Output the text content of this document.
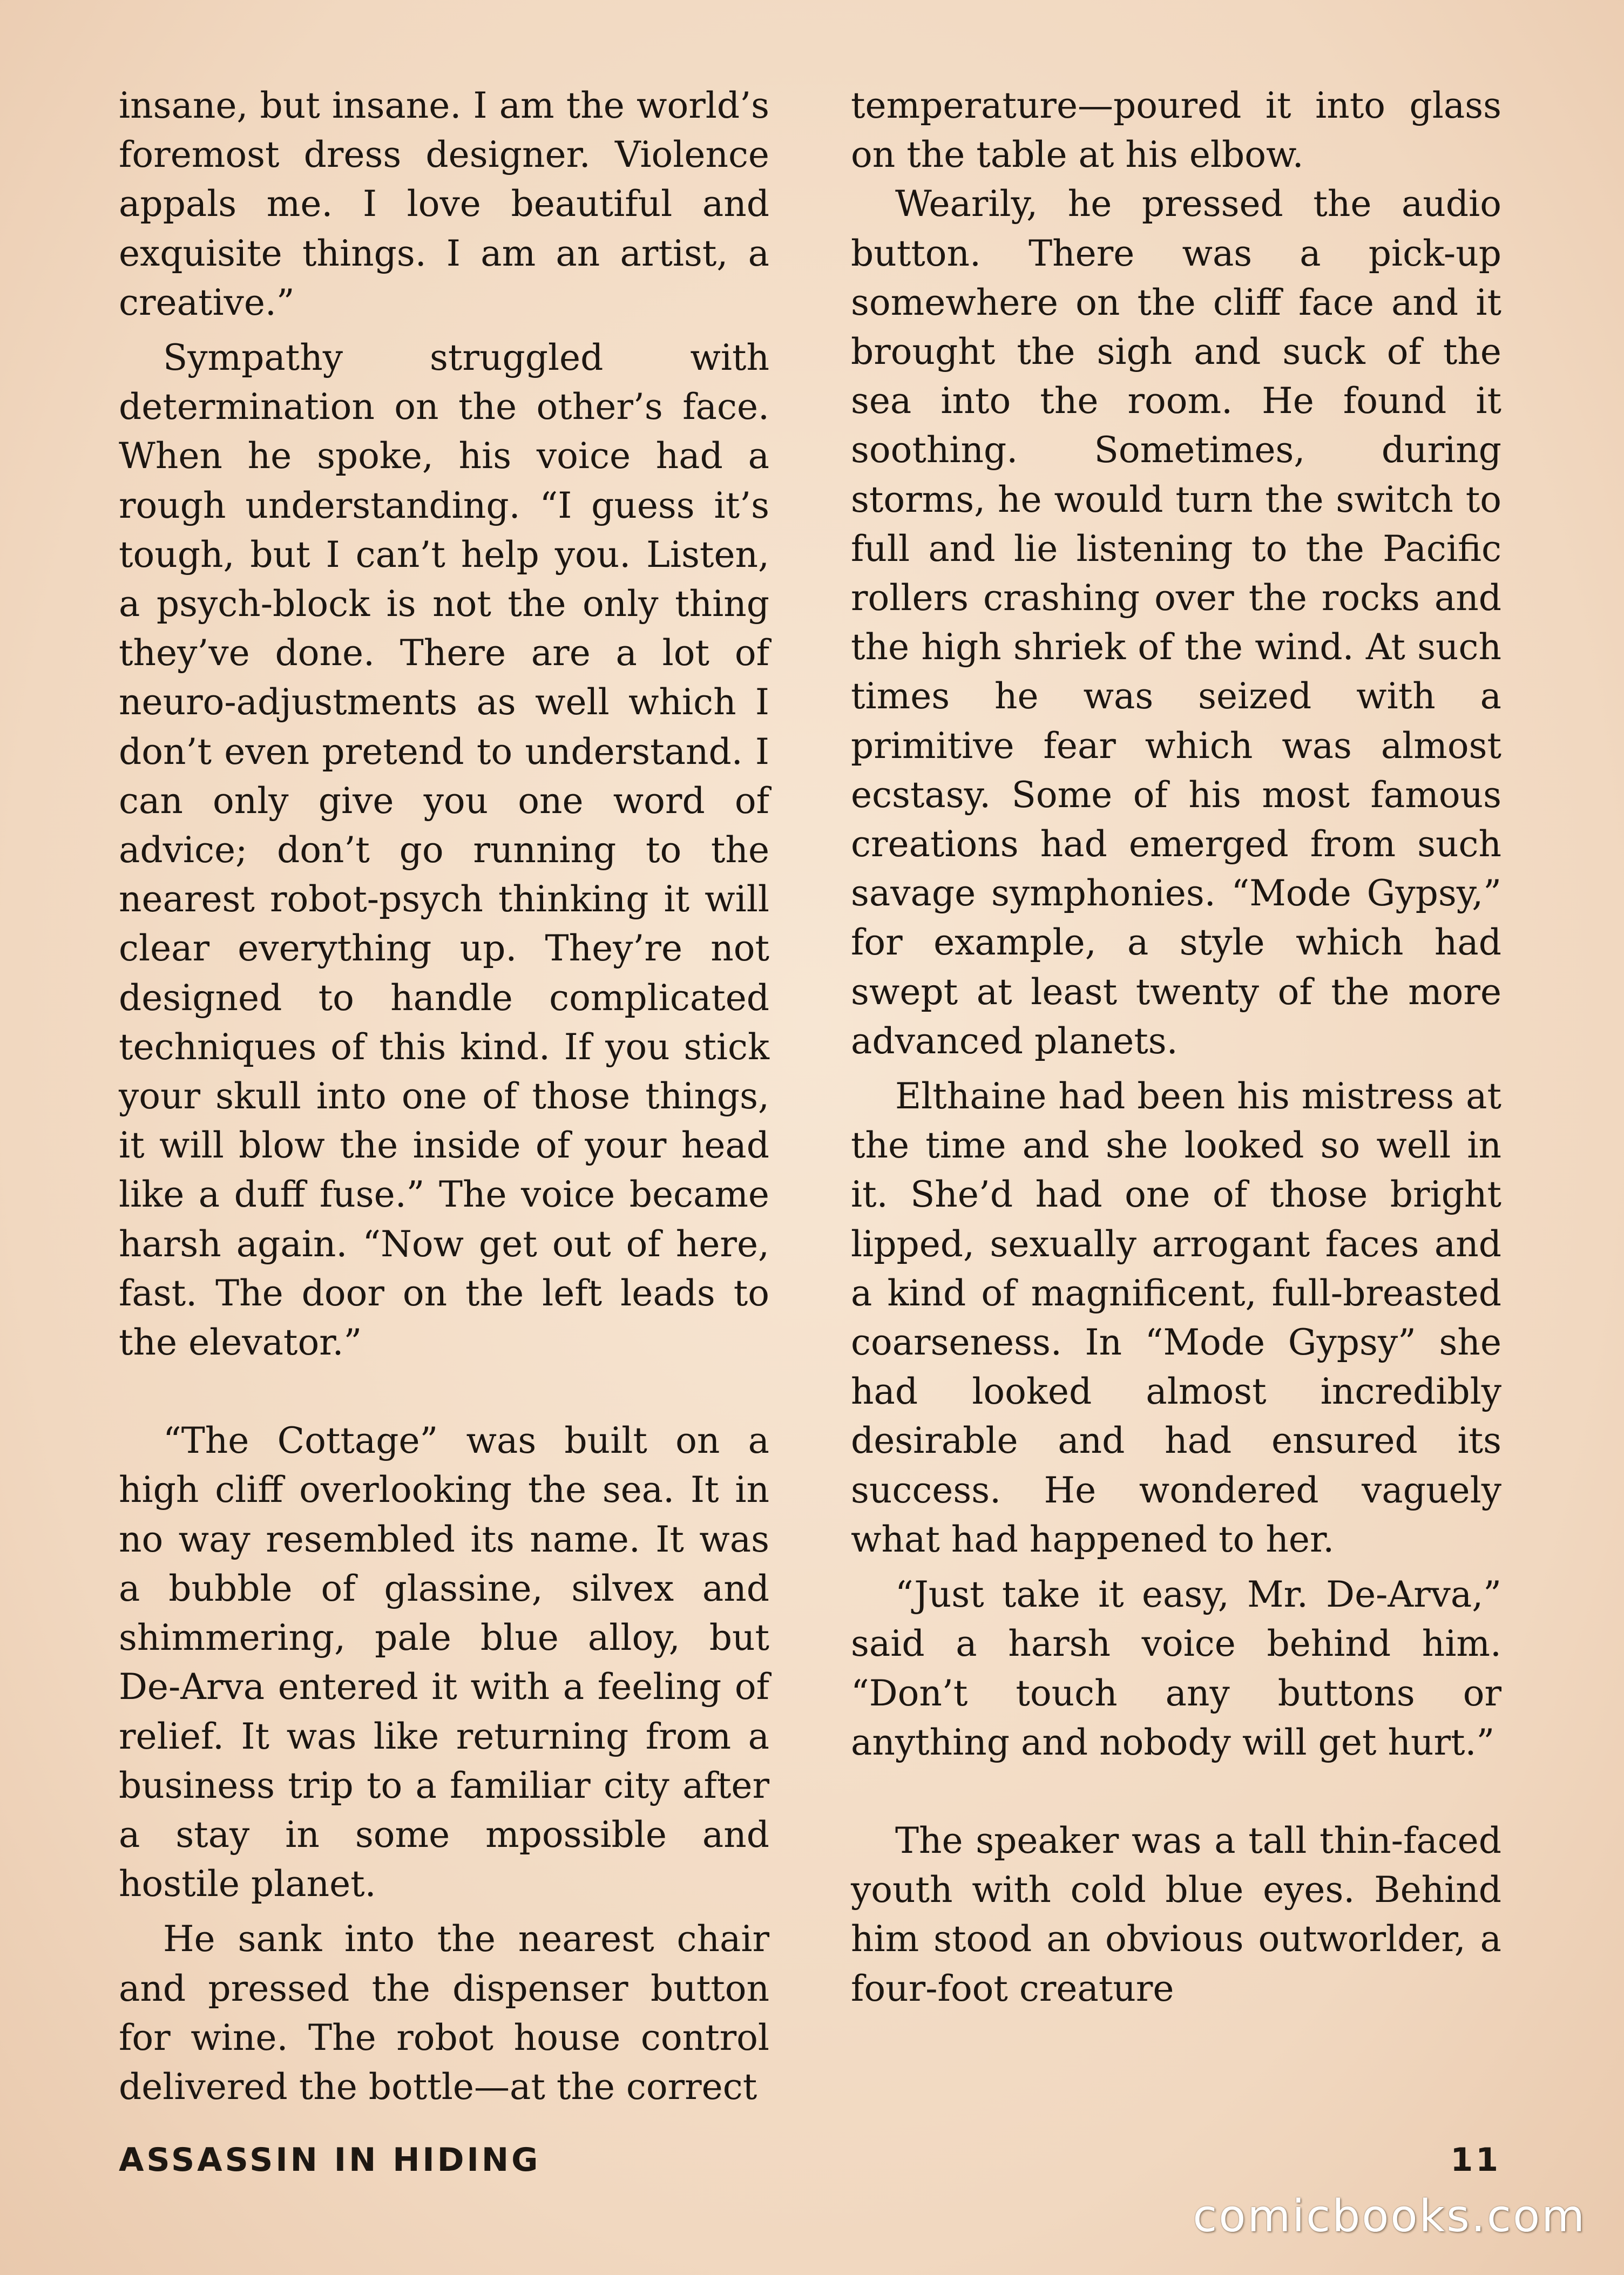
insane, but insane. I am the world’s foremost dress designer. Violence appals me. I love beautiful and exquisite things. I am an artist, a creative.”

Sympathy struggled with determination on the other’s face. When he spoke, his voice had a rough understanding. “I guess it’s tough, but I can’t help you. Listen, a psych-block is not the only thing they’ve done. There are a lot of neuro-adjustments as well which I don’t even pretend to understand. I can only give you one word of advice; don’t go running to the nearest robot-psych thinking it will clear everything up. They’re not designed to handle complicated techniques of this kind. If you stick your skull into one of those things, it will blow the inside of your head like a duff fuse.” The voice became harsh again. “Now get out of here, fast. The door on the left leads to the elevator.”

“The Cottage” was built on a high cliff overlooking the sea. It in no way resembled its name. It was a bubble of glassine, silvex and shimmering, pale blue alloy, but De-Arva entered it with a feeling of relief. It was like returning from a business trip to a familiar city after a stay in some mpossible and hostile planet.

He sank into the nearest chair and pressed the dispenser button for wine. The robot house control delivered the bottle—at the correct

temperature—poured it into glass on the table at his elbow.

Wearily, he pressed the audio button. There was a pick-up somewhere on the cliff face and it brought the sigh and suck of the sea into the room. He found it soothing. Sometimes, during storms, he would turn the switch to full and lie listening to the Pacific rollers crashing over the rocks and the high shriek of the wind. At such times he was seized with a primitive fear which was almost ecstasy. Some of his most famous creations had emerged from such savage symphonies. “Mode Gypsy,” for example, a style which had swept at least twenty of the more advanced planets.

Elthaine had been his mistress at the time and she looked so well in it. She’d had one of those bright lipped, sexually arrogant faces and a kind of magnificent, full-breasted coarseness. In “Mode Gypsy” she had looked almost incredibly desirable and had ensured its success. He wondered vaguely what had happened to her.

“Just take it easy, Mr. De-Arva,” said a harsh voice behind him. “Don’t touch any buttons or anything and nobody will get hurt.”

The speaker was a tall thin-faced youth with cold blue eyes. Behind him stood an obvious outworlder, a four-foot creature

ASSASSIN IN HIDING	11
comicbooks.com
